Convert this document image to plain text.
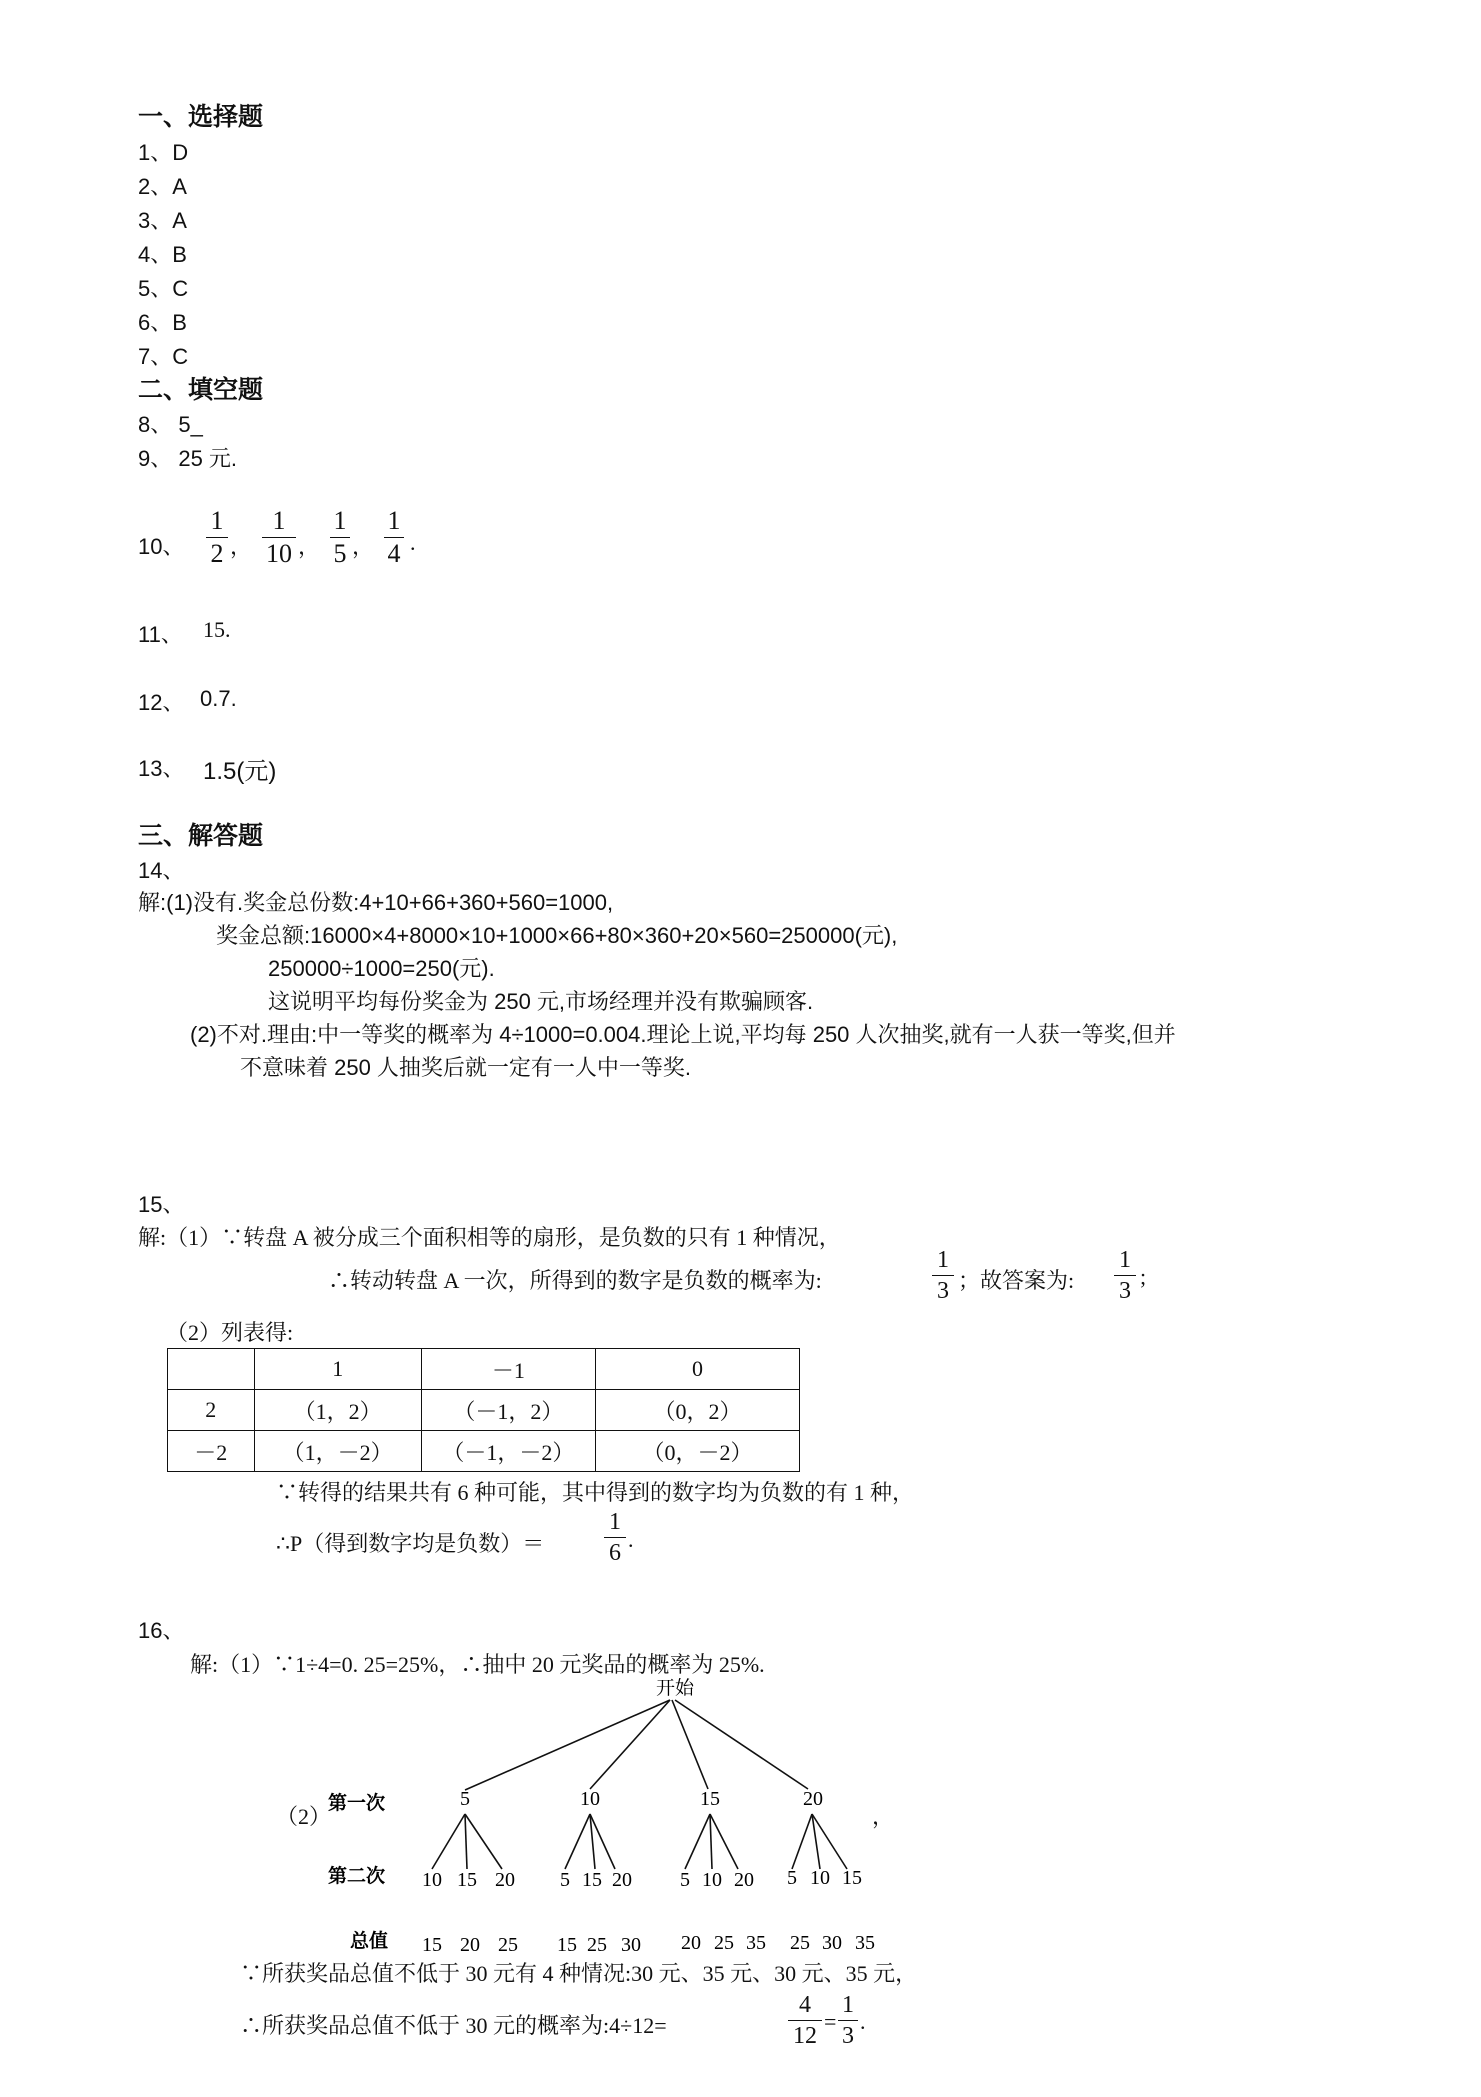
一、选择题
1、D
2、A
3、A
4、B
5、C
6、B
7、C
二、填空题
8、 5_
9、 25 元.
10、
1
2 ，
1
10 ，
1
5 ，
1
4 .
11、 15.
12、 0.7.
13、 1.5(元)
三、解答题
14、
解:(1)没有.奖金总份数:4+10+66+360+560=1000,
奖金总额:16000×4+8000×10+1000×66+80×360+20×560=250000(元),
250000÷1000=250(元).
这说明平均每份奖金为 250 元,市场经理并没有欺骗顾客.
(2)不对.理由:中一等奖的概率为 4÷1000=0.004.理论上说,平均每 250 人次抽奖,就有一人获一等奖,但并
不意味着 250 人抽奖后就一定有一人中一等奖.
15、
解:（1）∵转盘 A 被分成三个面积相等的扇形，是负数的只有 1 种情况，
∴转动转盘 A 一次，所得到的数字是负数的概率为:
1
3 ；故答案为:
1
3
;
（2）列表得:
	1	－1	0
2	（1，2）	（－1，2）	（0，2）
－2	（1，－2）	（－1，－2）	（0，－2）
∵转得的结果共有 6 种可能，其中得到的数字均为负数的有 1 种，
∴P（得到数字均是负数）＝
1
6
.
16、
解:（1）∵1÷4=0. 25=25%，∴抽中 20 元奖品的概率为 25%.
（2）	，
开始
第一次
第二次
总值
5	10	15	20
10 15 20 5 15 20 5 10 20 5 10 15
15 20 25 15 25 30 20 25 35 25 30 35
∵所获奖品总值不低于 30 元有 4 种情况:30 元、35 元、30 元、35 元，
∴所获奖品总值不低于 30 元的概率为:4÷12=
4
12
=
1
3
.
